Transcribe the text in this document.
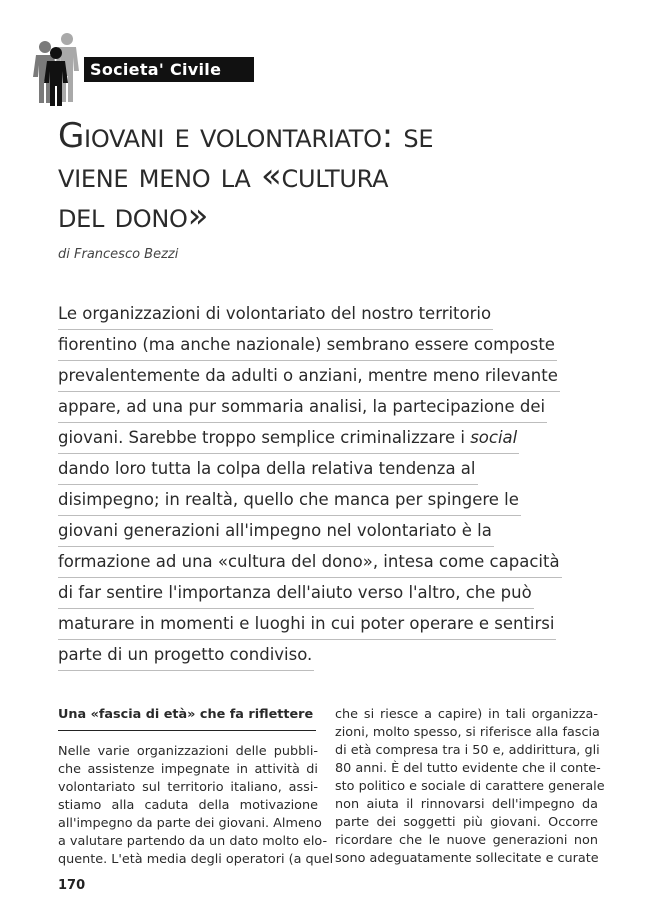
Societa' Civile
Giovani e volontariato: se
viene meno la «cultura
del dono»
di Francesco Bezzi
Le organizzazioni di volontariato del nostro territorio
fiorentino (ma anche nazionale) sembrano essere composte
prevalentemente da adulti o anziani, mentre meno rilevante
appare, ad una pur sommaria analisi, la partecipazione dei
giovani. Sarebbe troppo semplice criminalizzare i social
dando loro tutta la colpa della relativa tendenza al
disimpegno; in realtà, quello che manca per spingere le
giovani generazioni all'impegno nel volontariato è la
formazione ad una «cultura del dono», intesa come capacità
di far sentire l'importanza dell'aiuto verso l'altro, che può
maturare in momenti e luoghi in cui poter operare e sentirsi
parte di un progetto condiviso.
Una «fascia di età» che fa riflettere
Nelle varie organizzazioni delle pubbli-
che assistenze impegnate in attività di
volontariato sul territorio italiano, assi-
stiamo alla caduta della motivazione
all'impegno da parte dei giovani. Almeno
a valutare partendo da un dato molto elo-
quente. L'età media degli operatori (a quel
che si riesce a capire) in tali organizza-
zioni, molto spesso, si riferisce alla fascia
di età compresa tra i 50 e, addirittura, gli
80 anni. È del tutto evidente che il conte-
sto politico e sociale di carattere generale
non aiuta il rinnovarsi dell'impegno da
parte dei soggetti più giovani. Occorre
ricordare che le nuove generazioni non
sono adeguatamente sollecitate e curate
170
